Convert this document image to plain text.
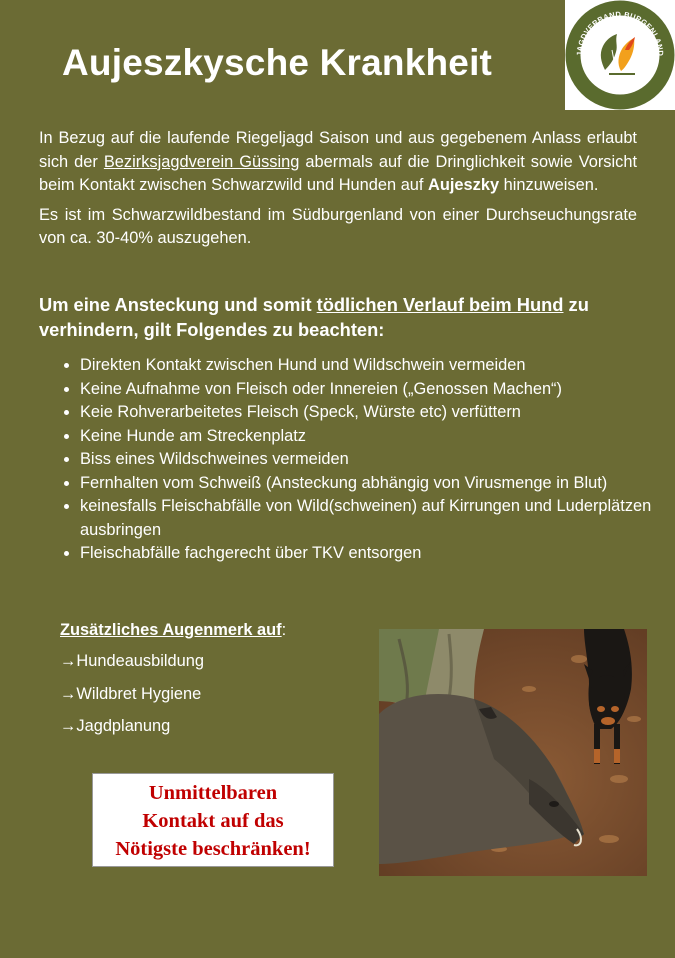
Aujeszkysche Krankheit	JAGDVERBAND BURGENLAND
NACHHALTIGE JAGD

In Bezug auf die laufende Riegeljagd Saison und aus gegebenem Anlass erlaubt sich der Bezirksjagdverein Güssing abermals auf die Dringlichkeit sowie Vorsicht beim Kontakt zwischen Schwarzwild und Hunden auf Aujeszky hinzuweisen.

Es ist im Schwarzwildbestand im Südburgenland von einer Durchseuchungsrate von ca. 30-40% auszugehen.

Um eine Ansteckung und somit tödlichen Verlauf beim Hund zu verhindern, gilt Folgendes zu beachten:
• Direkten Kontakt zwischen Hund und Wildschwein vermeiden
• Keine Aufnahme von Fleisch oder Innereien („Genossen Machen“)
• Keie Rohverarbeitetes Fleisch (Speck, Würste etc) verfüttern
• Keine Hunde am Streckenplatz
• Biss eines Wildschweines vermeiden
• Fernhalten vom Schweiß (Ansteckung abhängig von Virusmenge in Blut)
• keinesfalls Fleischabfälle von Wild(schweinen) auf Kirrungen und Luderplätzen ausbringen
• Fleischabfälle fachgerecht über TKV entsorgen
Zusätzliches Augenmerk auf:
→Hundeausbildung
→Wildbret Hygiene
→Jagdplanung
Unmittelbaren
Kontakt auf das
Nötigste beschränken!
